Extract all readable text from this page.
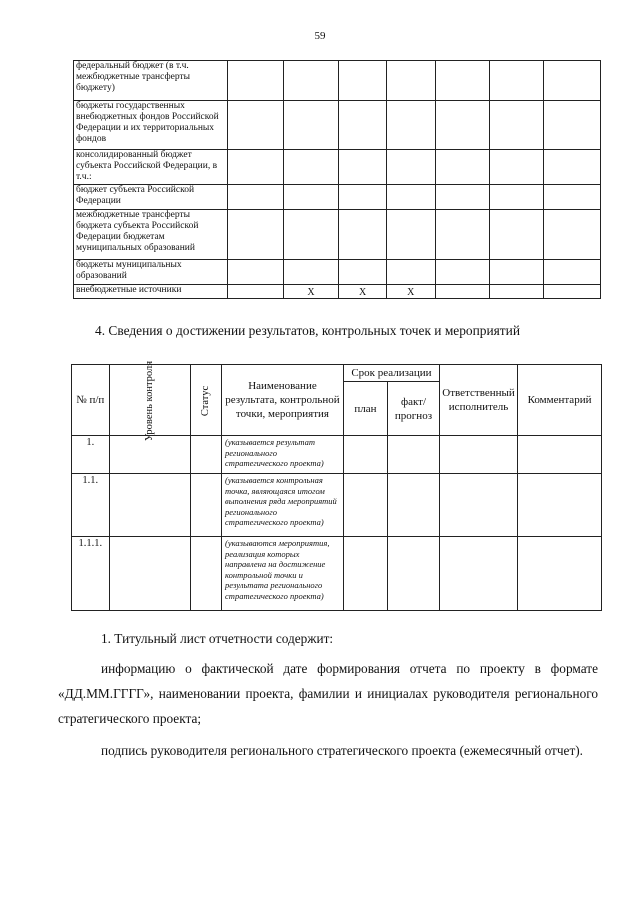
59
федеральный бюджет (в т.ч. межбюджетные трансферты бюджету)							
бюджеты государственных внебюджетных фондов Российской Федерации и их территориальных фондов							
консолидированный бюджет субъекта Российской Федерации, в т.ч.:							
бюджет субъекта Российской Федерации							
межбюджетные трансферты бюджета субъекта Российской Федерации бюджетам муниципальных образований							
бюджеты муниципальных образований							
внебюджетные источники		Х	Х	Х			
4. Сведения о достижении результатов, контрольных точек и мероприятий
№ п/п	Уровень контроля	Статус	Наименование результата, контрольной точки, мероприятия	Срок реализации		Ответственный исполнитель	Комментарий
				план	факт/ прогноз		
1.			(указывается результат регионального стратегического проекта)				
1.1.			(указывается контрольная точка, являющаяся итогом выполнения ряда мероприятий регионального стратегического проекта)				
1.1.1.			(указываются мероприятия, реализация которых направлена на достижение контрольной точки и результата регионального стратегического проекта)				
1. Титульный лист отчетности содержит:
информацию о фактической дате формирования отчета по проекту в формате «ДД.ММ.ГГГГ», наименовании проекта, фамилии и инициалах руководителя регионального стратегического проекта;
подпись руководителя регионального стратегического проекта (ежемесячный отчет).
